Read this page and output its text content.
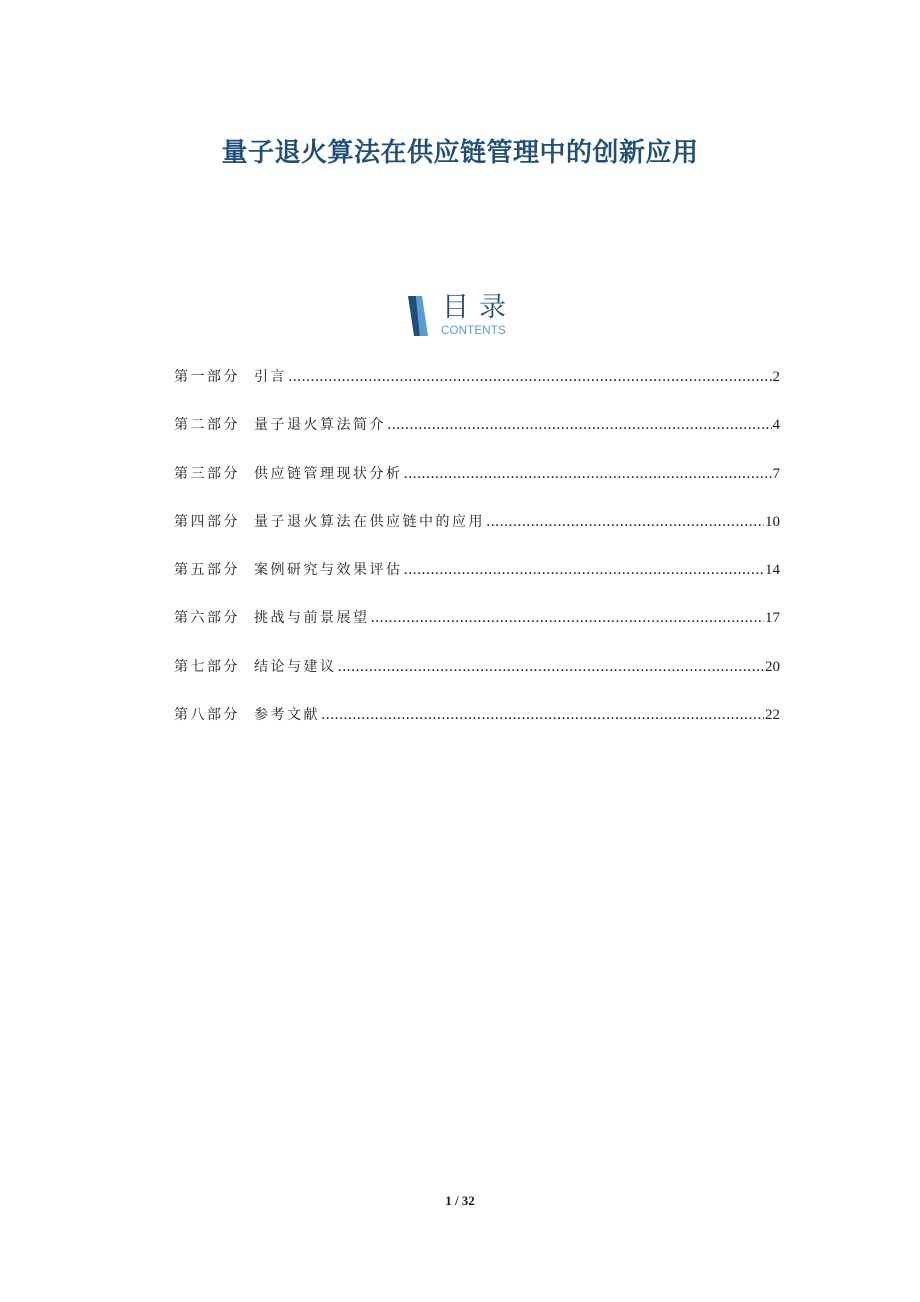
量子退火算法在供应链管理中的创新应用
目录
CONTENTS
第一部分	引言 .....	2
第二部分	量子退火算法简介 .....	4
第三部分	供应链管理现状分析 .....	7
第四部分	量子退火算法在供应链中的应用 .....	10
第五部分	案例研究与效果评估 .....	14
第六部分	挑战与前景展望 .....	17
第七部分	结论与建议 .....	20
第八部分	参考文献 .....	22
1 / 32
